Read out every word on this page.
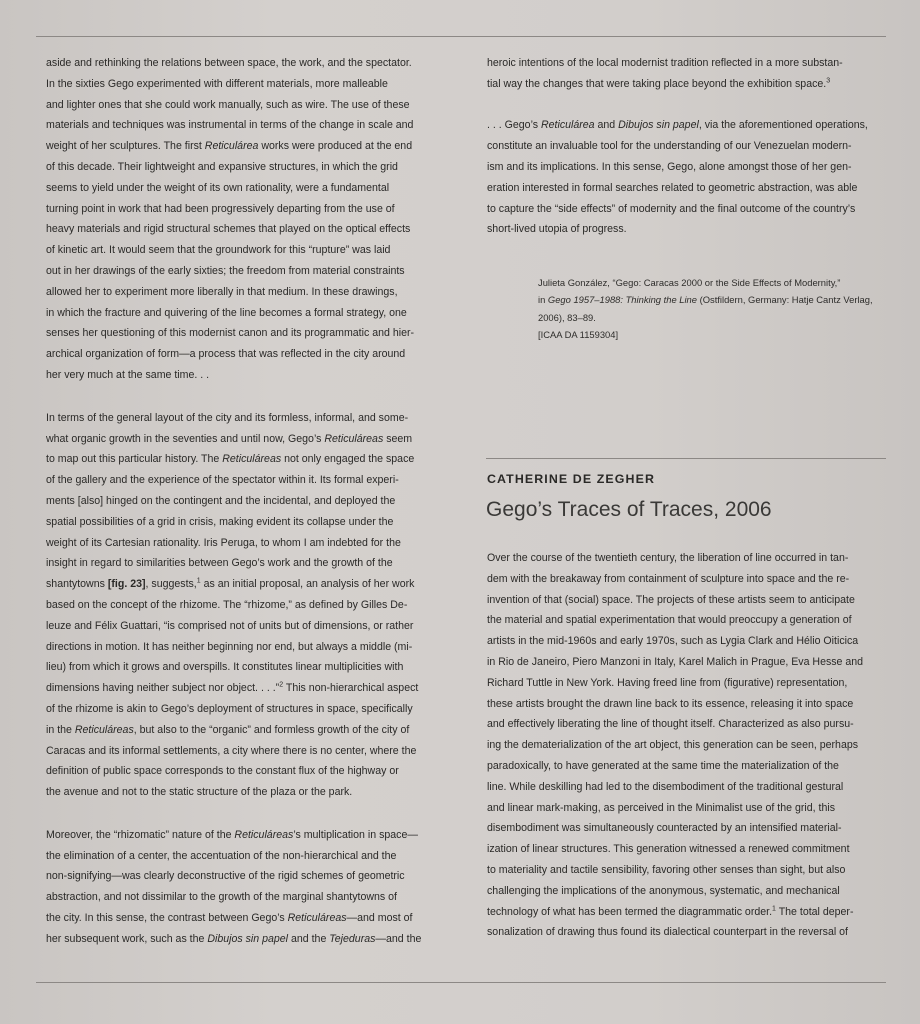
aside and rethinking the relations between space, the work, and the spectator.
In the sixties Gego experimented with different materials, more malleable
and lighter ones that she could work manually, such as wire. The use of these
materials and techniques was instrumental in terms of the change in scale and
weight of her sculptures. The first Reticulárea works were produced at the end
of this decade. Their lightweight and expansive structures, in which the grid
seems to yield under the weight of its own rationality, were a fundamental
turning point in work that had been progressively departing from the use of
heavy materials and rigid structural schemes that played on the optical effects
of kinetic art. It would seem that the groundwork for this “rupture” was laid
out in her drawings of the early sixties; the freedom from material constraints
allowed her to experiment more liberally in that medium. In these drawings,
in which the fracture and quivering of the line becomes a formal strategy, one
senses her questioning of this modernist canon and its programmatic and hier-
archical organization of form—a process that was reflected in the city around
her very much at the same time. . .

In terms of the general layout of the city and its formless, informal, and some-
what organic growth in the seventies and until now, Gego’s Reticuláreas seem
to map out this particular history. The Reticuláreas not only engaged the space
of the gallery and the experience of the spectator within it. Its formal experi-
ments [also] hinged on the contingent and the incidental, and deployed the
spatial possibilities of a grid in crisis, making evident its collapse under the
weight of its Cartesian rationality. Iris Peruga, to whom I am indebted for the
insight in regard to similarities between Gego’s work and the growth of the
shantytowns [fig. 23], suggests,$^1$ as an initial proposal, an analysis of her work
based on the concept of the rhizome. The “rhizome,” as defined by Gilles De-
leuze and Félix Guattari, “is comprised not of units but of dimensions, or rather
directions in motion. It has neither beginning nor end, but always a middle (mi-
lieu) from which it grows and overspills. It constitutes linear multiplicities with
dimensions having neither subject nor object. . . .”$^2$ This non-hierarchical aspect
of the rhizome is akin to Gego’s deployment of structures in space, specifically
in the Reticuláreas, but also to the “organic” and formless growth of the city of
Caracas and its informal settlements, a city where there is no center, where the
definition of public space corresponds to the constant flux of the highway or
the avenue and not to the static structure of the plaza or the park.

Moreover, the “rhizomatic” nature of the Reticuláreas’s multiplication in space—
the elimination of a center, the accentuation of the non-hierarchical and the
non-signifying—was clearly deconstructive of the rigid schemes of geometric
abstraction, and not dissimilar to the growth of the marginal shantytowns of
the city. In this sense, the contrast between Gego’s Reticuláreas—and most of
her subsequent work, such as the Dibujos sin papel and the Tejeduras—and the

heroic intentions of the local modernist tradition reflected in a more substan-
tial way the changes that were taking place beyond the exhibition space.$^3$

. . . Gego’s Reticulárea and Dibujos sin papel, via the aforementioned operations,
constitute an invaluable tool for the understanding of our Venezuelan modern-
ism and its implications. In this sense, Gego, alone amongst those of her gen-
eration interested in formal searches related to geometric abstraction, was able
to capture the “side effects” of modernity and the final outcome of the country’s
short-lived utopia of progress.

Julieta González, “Gego: Caracas 2000 or the Side Effects of Modernity,”
in Gego 1957–1988: Thinking the Line (Ostfildern, Germany: Hatje Cantz Verlag,
2006), 83–89.
[ICAA DA 1159304]
CATHERINE DE ZEGHER
Gego’s Traces of Traces, 2006

Over the course of the twentieth century, the liberation of line occurred in tan-
dem with the breakaway from containment of sculpture into space and the re-
invention of that (social) space. The projects of these artists seem to anticipate
the material and spatial experimentation that would preoccupy a generation of
artists in the mid-1960s and early 1970s, such as Lygia Clark and Hélio Oiticica
in Rio de Janeiro, Piero Manzoni in Italy, Karel Malich in Prague, Eva Hesse and
Richard Tuttle in New York. Having freed line from (figurative) representation,
these artists brought the drawn line back to its essence, releasing it into space
and effectively liberating the line of thought itself. Characterized as also pursu-
ing the dematerialization of the art object, this generation can be seen, perhaps
paradoxically, to have generated at the same time the materialization of the
line. While deskilling had led to the disembodiment of the traditional gestural
and linear mark-making, as perceived in the Minimalist use of the grid, this
disembodiment was simultaneously counteracted by an intensified material-
ization of linear structures. This generation witnessed a renewed commitment
to materiality and tactile sensibility, favoring other senses than sight, but also
challenging the implications of the anonymous, systematic, and mechanical
technology of what has been termed the diagrammatic order.$^1$ The total deper-
sonalization of drawing thus found its dialectical counterpart in the reversal of
